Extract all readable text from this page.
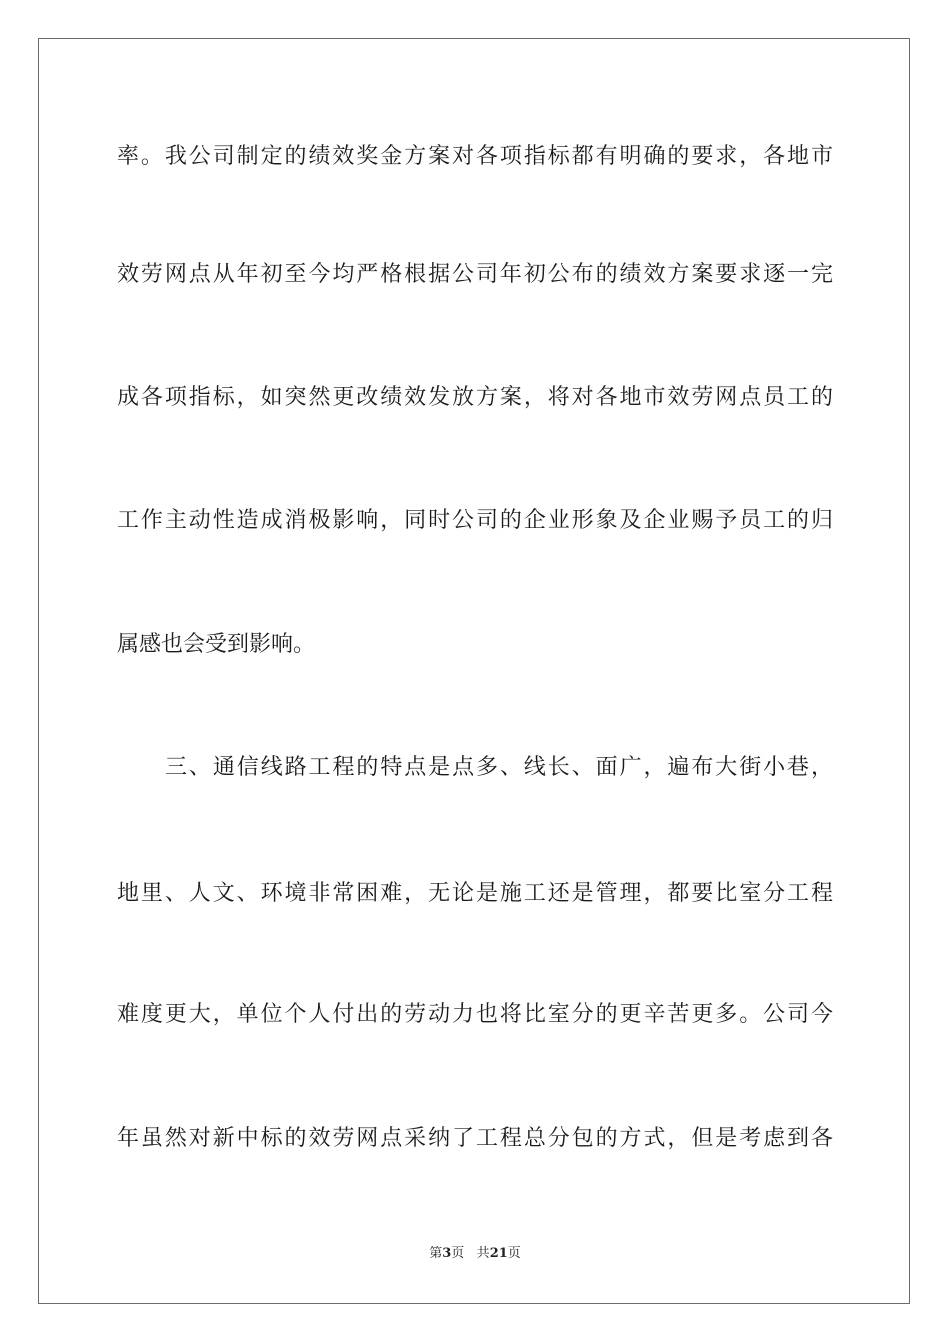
率。我公司制定的绩效奖金方案对各项指标都有明确的要求，各地市
效劳网点从年初至今均严格根据公司年初公布的绩效方案要求逐一完
成各项指标，如突然更改绩效发放方案，将对各地市效劳网点员工的
工作主动性造成消极影响，同时公司的企业形象及企业赐予员工的归
属感也会受到影响。
三、通信线路工程的特点是点多、线长、面广，遍布大街小巷，
地里、人文、环境非常困难，无论是施工还是管理，都要比室分工程
难度更大，单位个人付出的劳动力也将比室分的更辛苦更多。公司今
年虽然对新中标的效劳网点采纳了工程总分包的方式，但是考虑到各
第3页 共21页
